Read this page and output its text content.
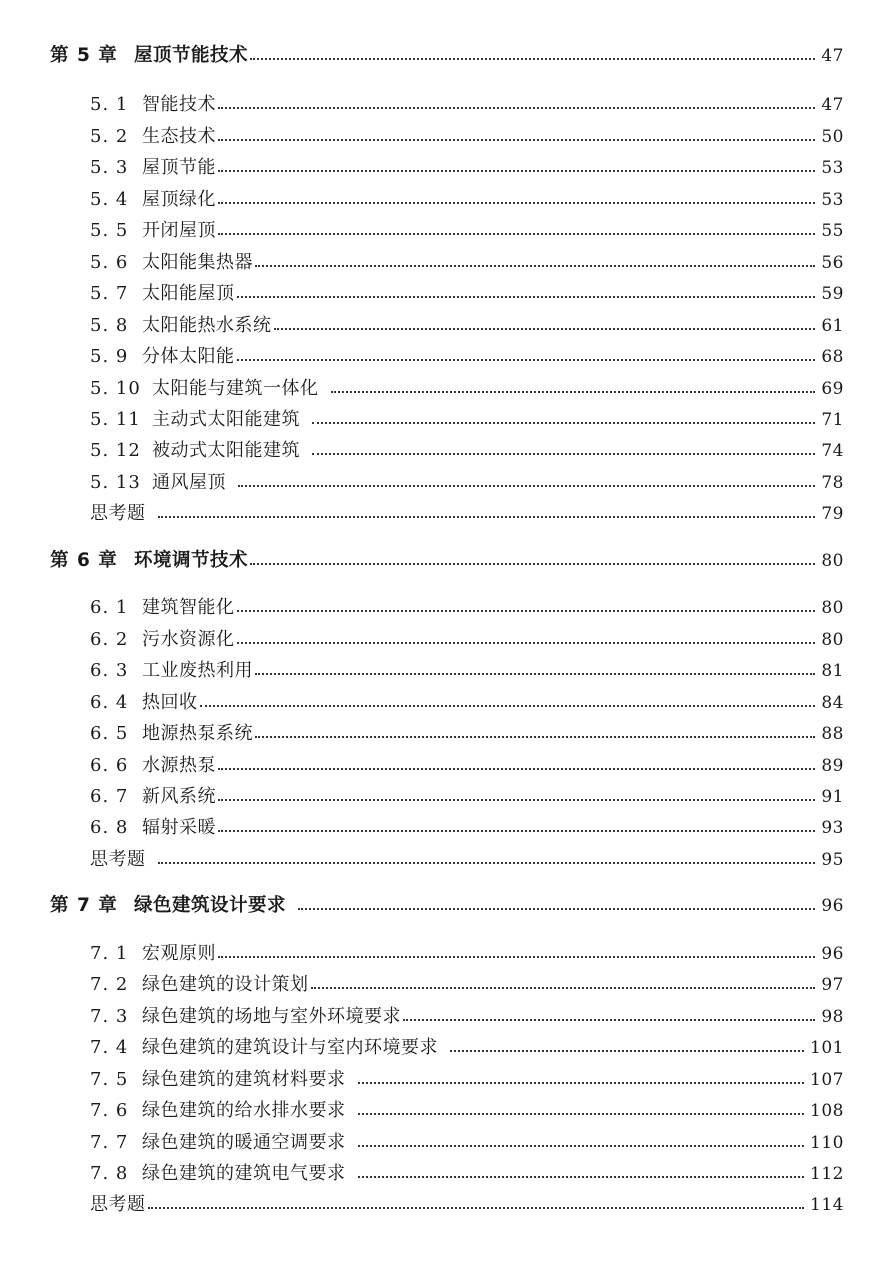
第 5 章 屋顶节能技术	47
5. 1 智能技术	47
5. 2 生态技术	50
5. 3 屋顶节能	53
5. 4 屋顶绿化	53
5. 5 开闭屋顶	55
5. 6 太阳能集热器	56
5. 7 太阳能屋顶	59
5. 8 太阳能热水系统	61
5. 9 分体太阳能	68
5. 10 太阳能与建筑一体化	69
5. 11 主动式太阳能建筑	71
5. 12 被动式太阳能建筑	74
5. 13 通风屋顶	78
思考题	79
第 6 章 环境调节技术	80
6. 1 建筑智能化	80
6. 2 污水资源化	80
6. 3 工业废热利用	81
6. 4 热回收	84
6. 5 地源热泵系统	88
6. 6 水源热泵	89
6. 7 新风系统	91
6. 8 辐射采暖	93
思考题	95
第 7 章 绿色建筑设计要求	96
7. 1 宏观原则	96
7. 2 绿色建筑的设计策划	97
7. 3 绿色建筑的场地与室外环境要求	98
7. 4 绿色建筑的建筑设计与室内环境要求	101
7. 5 绿色建筑的建筑材料要求	107
7. 6 绿色建筑的给水排水要求	108
7. 7 绿色建筑的暖通空调要求	110
7. 8 绿色建筑的建筑电气要求	112
思考题	114
